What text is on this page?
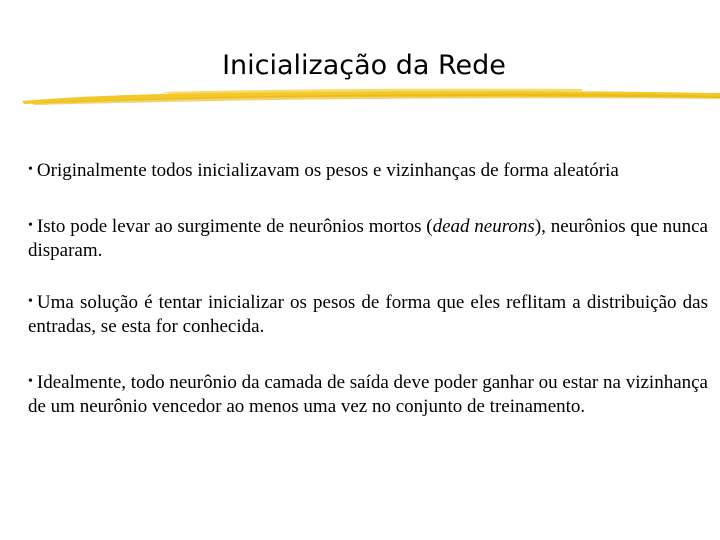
Inicialização da Rede

• Originalmente todos inicializavam os pesos e vizinhanças de forma aleatória

• Isto pode levar ao surgimente de neurônios mortos (dead neurons), neurônios que nunca disparam.

• Uma solução é tentar inicializar os pesos de forma que eles reflitam a distribuição das entradas, se esta for conhecida.

• Idealmente, todo neurônio da camada de saída deve poder ganhar ou estar na vizinhança de um neurônio vencedor ao menos uma vez no conjunto de treinamento.
